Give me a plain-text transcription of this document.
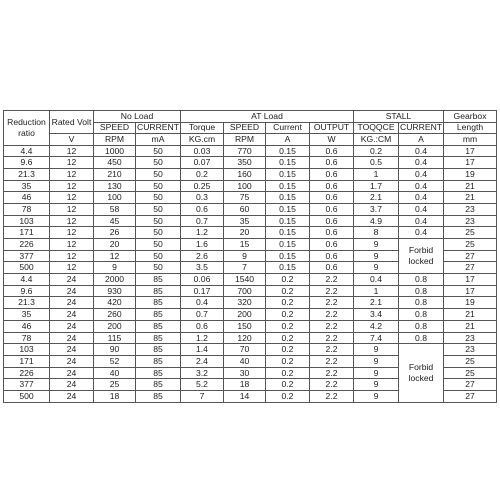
Reduction ratio	Rated Volt	No Load		AT Load				STALL		Gearbox
		SPEED	CURRENT	Torque	SPEED	Current	OUTPUT	TOQQCE	CURRENT	Length
	V	RPM	mA	KG.cm	RPM	A	W	KG.:CM	A	mm
4.4	12	1000	50	0.03	770	0.15	0.6	0.2	0.4	17
9.6	12	450	50	0.07	350	0.15	0.6	0.5	0.4	17
21.3	12	210	50	0.2	160	0.15	0.6	1	0.4	19
35	12	130	50	0.25	100	0.15	0.6	1.7	0.4	21
46	12	100	50	0.3	75	0.15	0.6	2.1	0.4	21
78	12	58	50	0.6	60	0.15	0.6	3.7	0.4	23
103	12	45	50	0.7	35	0.15	0.6	4.9	0.4	23
171	12	26	50	1.2	20	0.15	0.6	8	0.4	25
226	12	20	50	1.6	15	0.15	0.6	9	Forbid locked	25
377	12	12	50	2.6	9	0.15	0.6	9		27
500	12	9	50	3.5	7	0.15	0.6	9		27
4.4	24	2000	85	0.06	1540	0.2	2.2	0.4	0.8	17
9.6	24	930	85	0.17	700	0.2	2.2	1	0.8	17
21.3	24	420	85	0.4	320	0.2	2.2	2.1	0.8	19
35	24	260	85	0.7	200	0.2	2.2	3.4	0.8	21
46	24	200	85	0.6	150	0.2	2.2	4.2	0.8	21
78	24	115	85	1.2	120	0.2	2.2	7.4	0.8	23
103	24	90	85	1.4	70	0.2	2.2	9	Forbid locked	23
171	24	52	85	2.4	40	0.2	2.2	9		25
226	24	40	85	3.2	30	0.2	2.2	9		25
377	24	25	85	5.2	18	0.2	2.2	9		27
500	24	18	85	7	14	0.2	2.2	9		27
